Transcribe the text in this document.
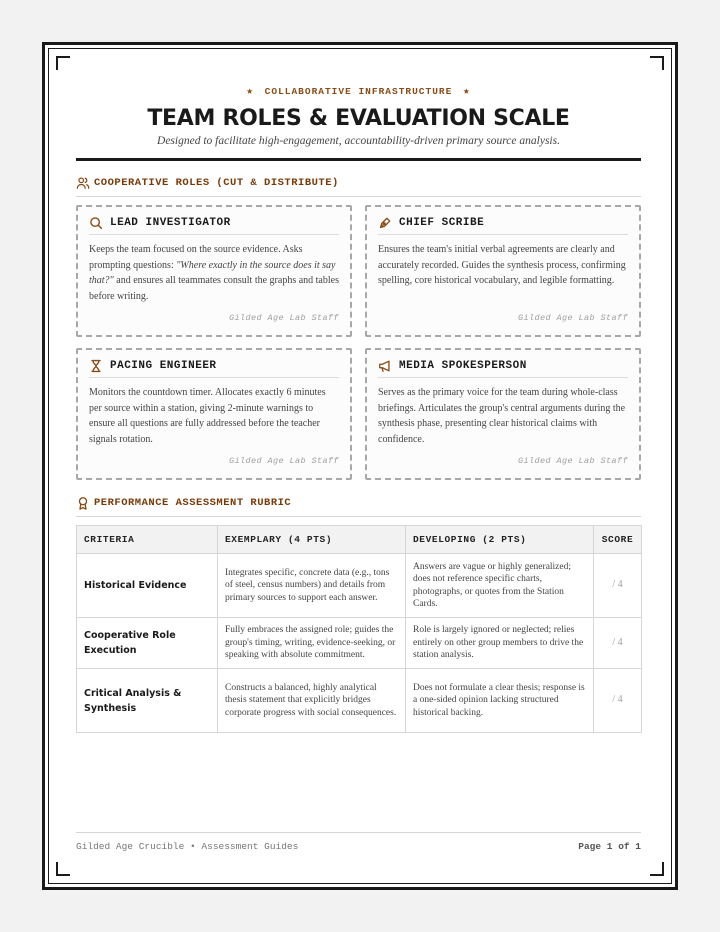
★ COLLABORATIVE INFRASTRUCTURE ★
TEAM ROLES & EVALUATION SCALE
Designed to facilitate high-engagement, accountability-driven primary source analysis.
COOPERATIVE ROLES (CUT & DISTRIBUTE)
LEAD INVESTIGATOR

Keeps the team focused on the source evidence. Asks prompting questions: "Where exactly in the source does it say that?" and ensures all teammates consult the graphs and tables before writing.

Gilded Age Lab Staff
CHIEF SCRIBE

Ensures the team's initial verbal agreements are clearly and accurately recorded. Guides the synthesis process, confirming spelling, core historical vocabulary, and legible formatting.

Gilded Age Lab Staff
PACING ENGINEER

Monitors the countdown timer. Allocates exactly 6 minutes per source within a station, giving 2-minute warnings to ensure all questions are fully addressed before the teacher signals rotation.

Gilded Age Lab Staff
MEDIA SPOKESPERSON

Serves as the primary voice for the team during whole-class briefings. Articulates the group's central arguments during the synthesis phase, presenting clear historical claims with confidence.

Gilded Age Lab Staff
PERFORMANCE ASSESSMENT RUBRIC
CRITERIA	EXEMPLARY (4 PTS)	DEVELOPING (2 PTS)	SCORE
Historical Evidence	Integrates specific, concrete data (e.g., tons of steel, census numbers) and details from primary sources to support each answer.	Answers are vague or highly generalized; does not reference specific charts, photographs, or quotes from the Station Cards.	/ 4
Cooperative Role Execution	Fully embraces the assigned role; guides the group's timing, writing, evidence-seeking, or speaking with absolute commitment.	Role is largely ignored or neglected; relies entirely on other group members to drive the station analysis.	/ 4
Critical Analysis & Synthesis	Constructs a balanced, highly analytical thesis statement that explicitly bridges corporate progress with social consequences.	Does not formulate a clear thesis; response is a one-sided opinion lacking structured historical backing.	/ 4
Gilded Age Crucible • Assessment Guides	Page 1 of 1
